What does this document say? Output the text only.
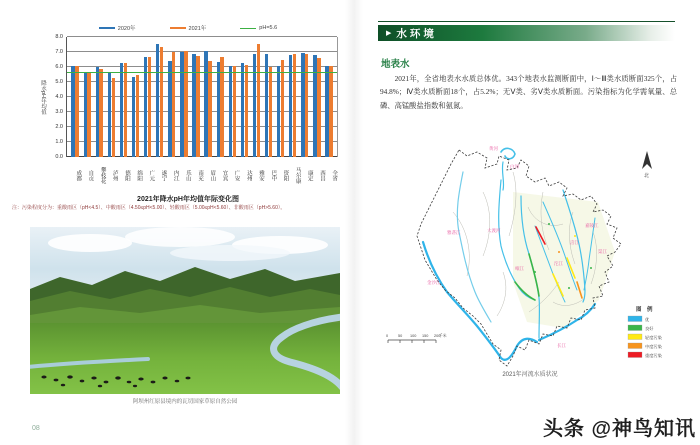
2020年	2021年	pH=5.6
降水pH年均值
0.0
1.0
2.0
3.0
4.0
5.0
6.0
7.0
8.0
成都	自贡	攀枝花	泸州	德阳	绵阳	广元	遂宁	内江	乐山	南充	眉山	宜宾	广安	达州	雅安	巴中	资阳	马尔康	康定	西昌	全省
2021年降水pH年均值年际变化图
注：污染程度分为：重酸雨区（pH<4.5）、中酸雨区（4.50≤pH<5.00）、轻酸雨区（5.00≤pH<5.60）、非酸雨区（pH>5.60）。
阿坝州红原县境内的瓦切国家草原自然公园
08
▶ 水环境
地表水

2021年，全省地表水水质总体优。343个地表水监测断面中，Ⅰ～Ⅲ类水质断面325个，占94.8%；Ⅳ类水质断面18个，占5.2%；无Ⅴ类、劣Ⅴ类水质断面。污染指标为化学需氧量、总磷、高锰酸盐指数和氨氮。

黄河
白河
雅砻江
金沙江
大渡河
岷江
沱江
涪江
嘉陵江
渠江
长江
北
0	50 100 150 200
千米
图 例
优
良好
轻度污染
中度污染
重度污染
2021年河流水质状况
头条 @神鸟知讯
